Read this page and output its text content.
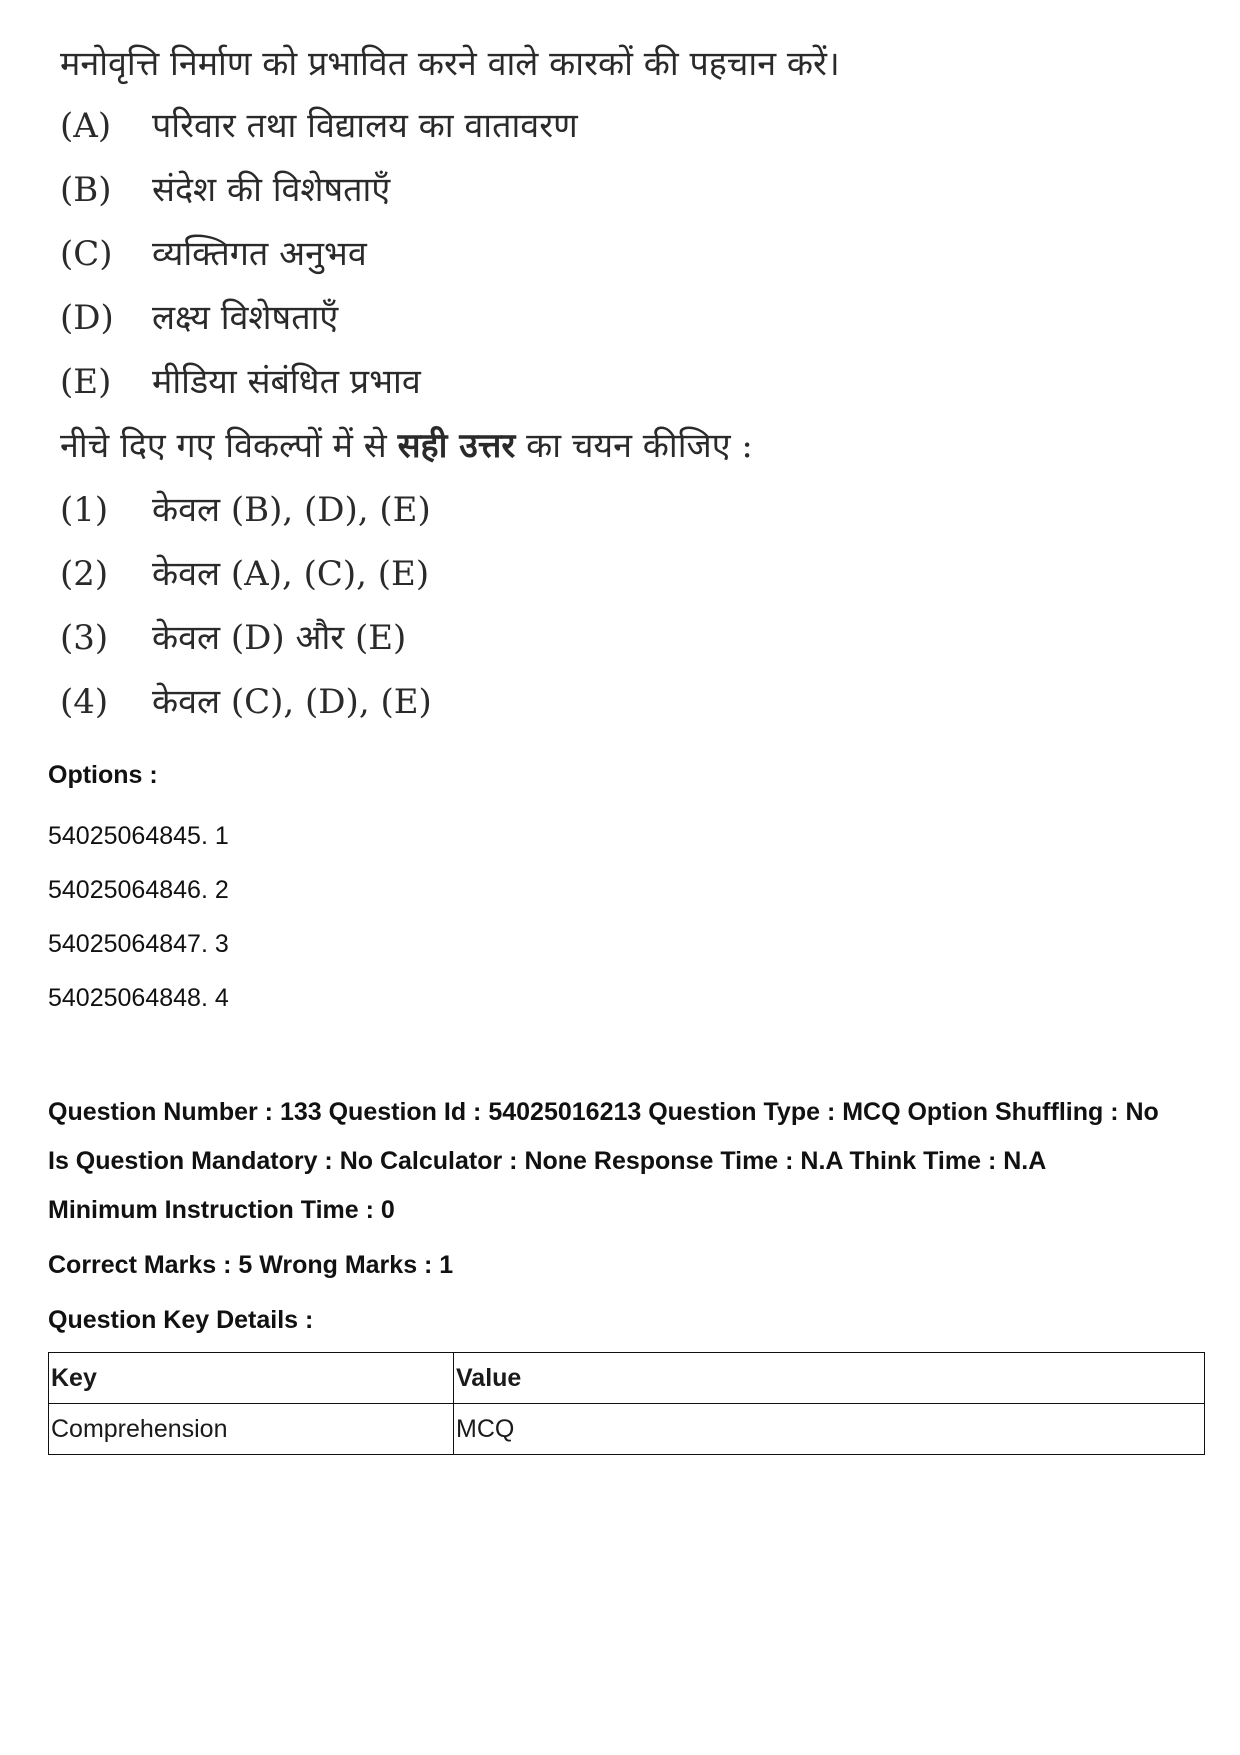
मनोवृत्ति निर्माण को प्रभावित करने वाले कारकों की पहचान करें।
(A)	परिवार तथा विद्यालय का वातावरण
(B)	संदेश की विशेषताएँ
(C)	व्यक्तिगत अनुभव
(D)	लक्ष्य विशेषताएँ
(E)	मीडिया संबंधित प्रभाव
नीचे दिए गए विकल्पों में से सही उत्तर का चयन कीजिए :
(1)	केवल (B), (D), (E)
(2)	केवल (A), (C), (E)
(3)	केवल (D) और (E)
(4)	केवल (C), (D), (E)
Options :
54025064845. 1
54025064846. 2
54025064847. 3
54025064848. 4
Question Number : 133 Question Id : 54025016213 Question Type : MCQ Option Shuffling : No
Is Question Mandatory : No Calculator : None Response Time : N.A Think Time : N.A
Minimum Instruction Time : 0
Correct Marks : 5 Wrong Marks : 1
Question Key Details :
Key	Value
Comprehension	MCQ
